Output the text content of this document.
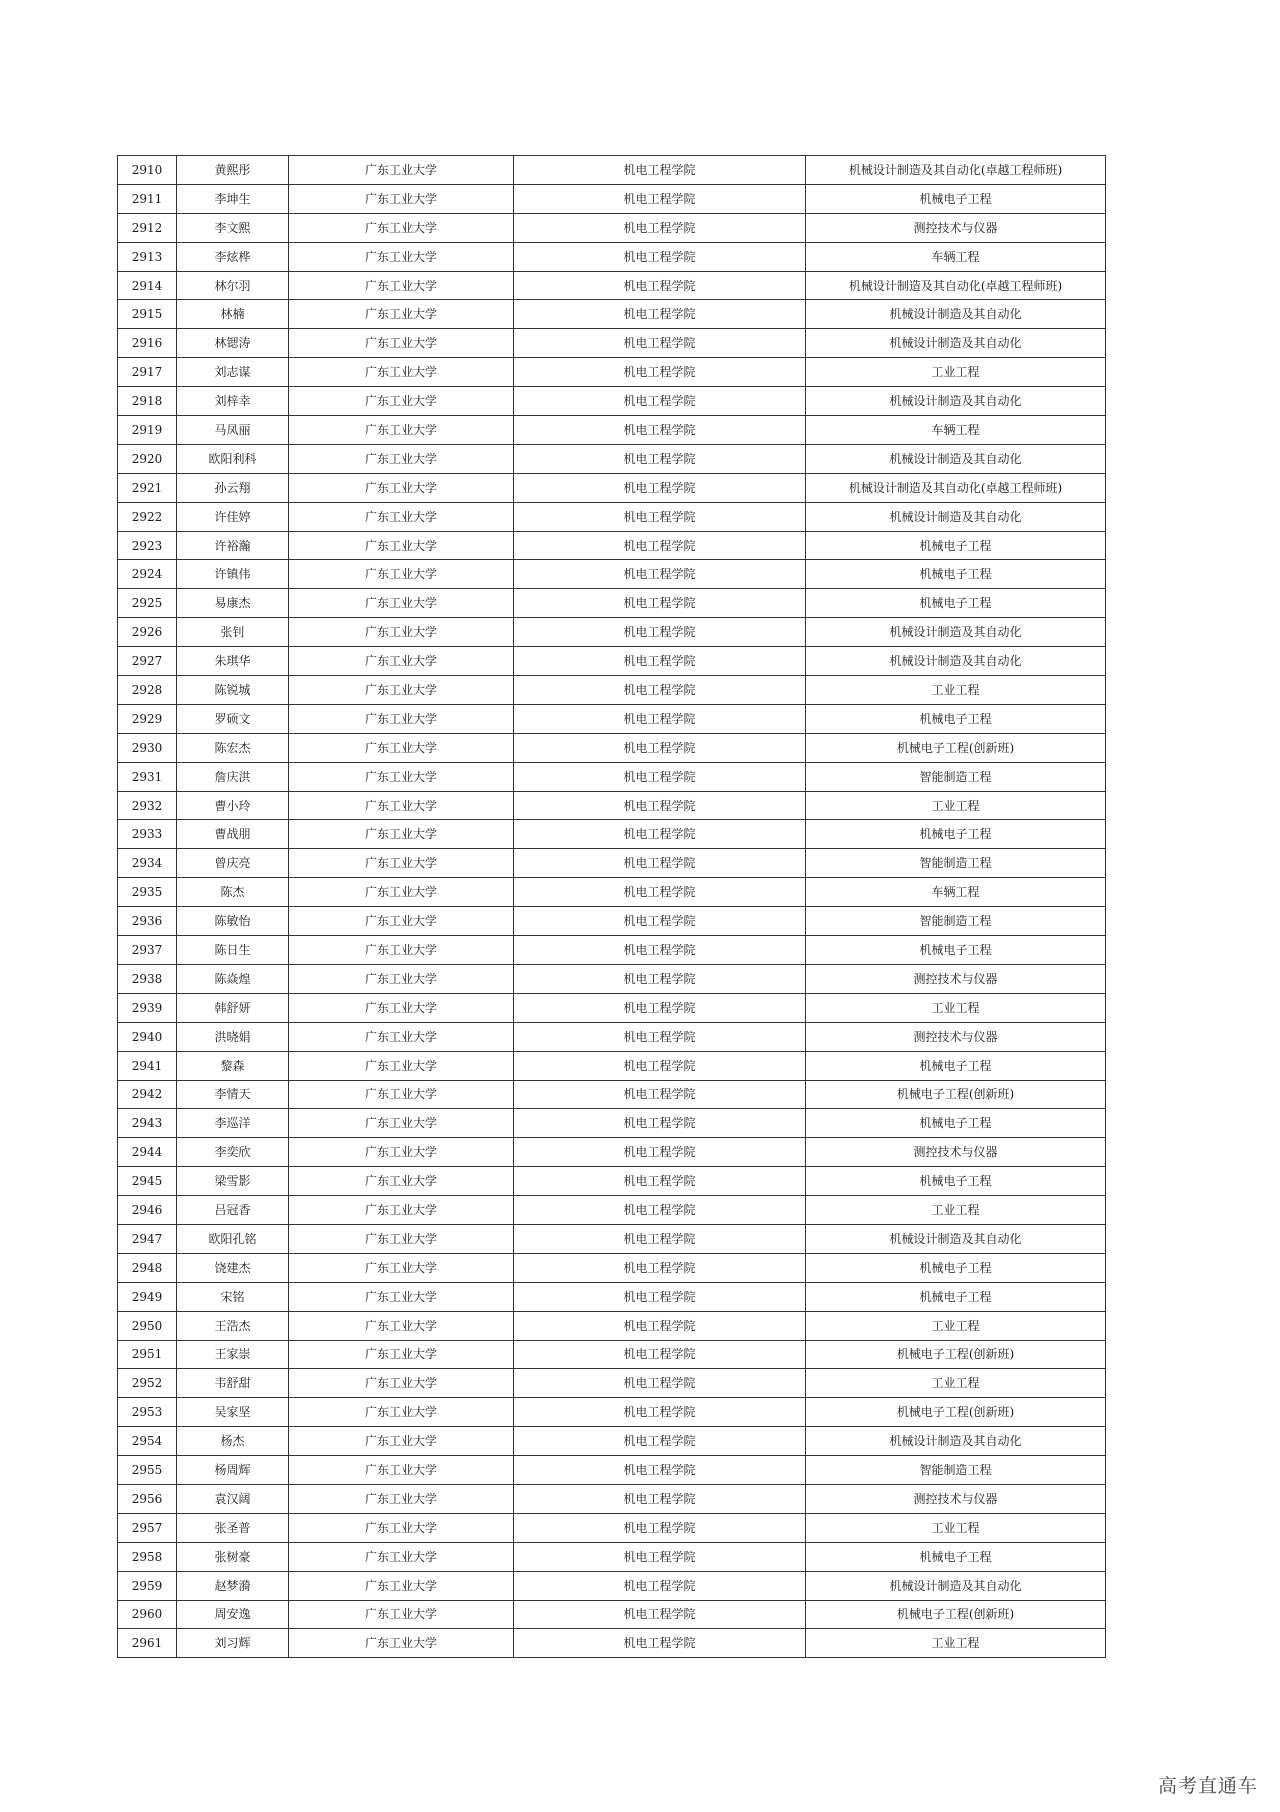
2910	黄熙彤	广东工业大学	机电工程学院	机械设计制造及其自动化(卓越工程师班)
2911	李坤生	广东工业大学	机电工程学院	机械电子工程
2912	李文熙	广东工业大学	机电工程学院	测控技术与仪器
2913	李炫桦	广东工业大学	机电工程学院	车辆工程
2914	林尔羽	广东工业大学	机电工程学院	机械设计制造及其自动化(卓越工程师班)
2915	林楠	广东工业大学	机电工程学院	机械设计制造及其自动化
2916	林锶涛	广东工业大学	机电工程学院	机械设计制造及其自动化
2917	刘志谋	广东工业大学	机电工程学院	工业工程
2918	刘梓幸	广东工业大学	机电工程学院	机械设计制造及其自动化
2919	马凤丽	广东工业大学	机电工程学院	车辆工程
2920	欧阳利科	广东工业大学	机电工程学院	机械设计制造及其自动化
2921	孙云翔	广东工业大学	机电工程学院	机械设计制造及其自动化(卓越工程师班)
2922	许佳婷	广东工业大学	机电工程学院	机械设计制造及其自动化
2923	许裕瀚	广东工业大学	机电工程学院	机械电子工程
2924	许镇伟	广东工业大学	机电工程学院	机械电子工程
2925	易康杰	广东工业大学	机电工程学院	机械电子工程
2926	张钊	广东工业大学	机电工程学院	机械设计制造及其自动化
2927	朱琪华	广东工业大学	机电工程学院	机械设计制造及其自动化
2928	陈锐城	广东工业大学	机电工程学院	工业工程
2929	罗硕文	广东工业大学	机电工程学院	机械电子工程
2930	陈宏杰	广东工业大学	机电工程学院	机械电子工程(创新班)
2931	詹庆洪	广东工业大学	机电工程学院	智能制造工程
2932	曹小玲	广东工业大学	机电工程学院	工业工程
2933	曹战朋	广东工业大学	机电工程学院	机械电子工程
2934	曾庆亮	广东工业大学	机电工程学院	智能制造工程
2935	陈杰	广东工业大学	机电工程学院	车辆工程
2936	陈敏怡	广东工业大学	机电工程学院	智能制造工程
2937	陈日生	广东工业大学	机电工程学院	机械电子工程
2938	陈焱煌	广东工业大学	机电工程学院	测控技术与仪器
2939	韩舒妍	广东工业大学	机电工程学院	工业工程
2940	洪晓娟	广东工业大学	机电工程学院	测控技术与仪器
2941	黎森	广东工业大学	机电工程学院	机械电子工程
2942	李情天	广东工业大学	机电工程学院	机械电子工程(创新班)
2943	李巡洋	广东工业大学	机电工程学院	机械电子工程
2944	李奕欣	广东工业大学	机电工程学院	测控技术与仪器
2945	梁雪影	广东工业大学	机电工程学院	机械电子工程
2946	吕冠香	广东工业大学	机电工程学院	工业工程
2947	欧阳孔铭	广东工业大学	机电工程学院	机械设计制造及其自动化
2948	饶建杰	广东工业大学	机电工程学院	机械电子工程
2949	宋铭	广东工业大学	机电工程学院	机械电子工程
2950	王浩杰	广东工业大学	机电工程学院	工业工程
2951	王家崇	广东工业大学	机电工程学院	机械电子工程(创新班)
2952	韦舒甜	广东工业大学	机电工程学院	工业工程
2953	吴家坚	广东工业大学	机电工程学院	机械电子工程(创新班)
2954	杨杰	广东工业大学	机电工程学院	机械设计制造及其自动化
2955	杨周辉	广东工业大学	机电工程学院	智能制造工程
2956	袁汉阔	广东工业大学	机电工程学院	测控技术与仪器
2957	张圣普	广东工业大学	机电工程学院	工业工程
2958	张树豪	广东工业大学	机电工程学院	机械电子工程
2959	赵梦漪	广东工业大学	机电工程学院	机械设计制造及其自动化
2960	周安逸	广东工业大学	机电工程学院	机械电子工程(创新班)
2961	刘习辉	广东工业大学	机电工程学院	工业工程
高考直通车
